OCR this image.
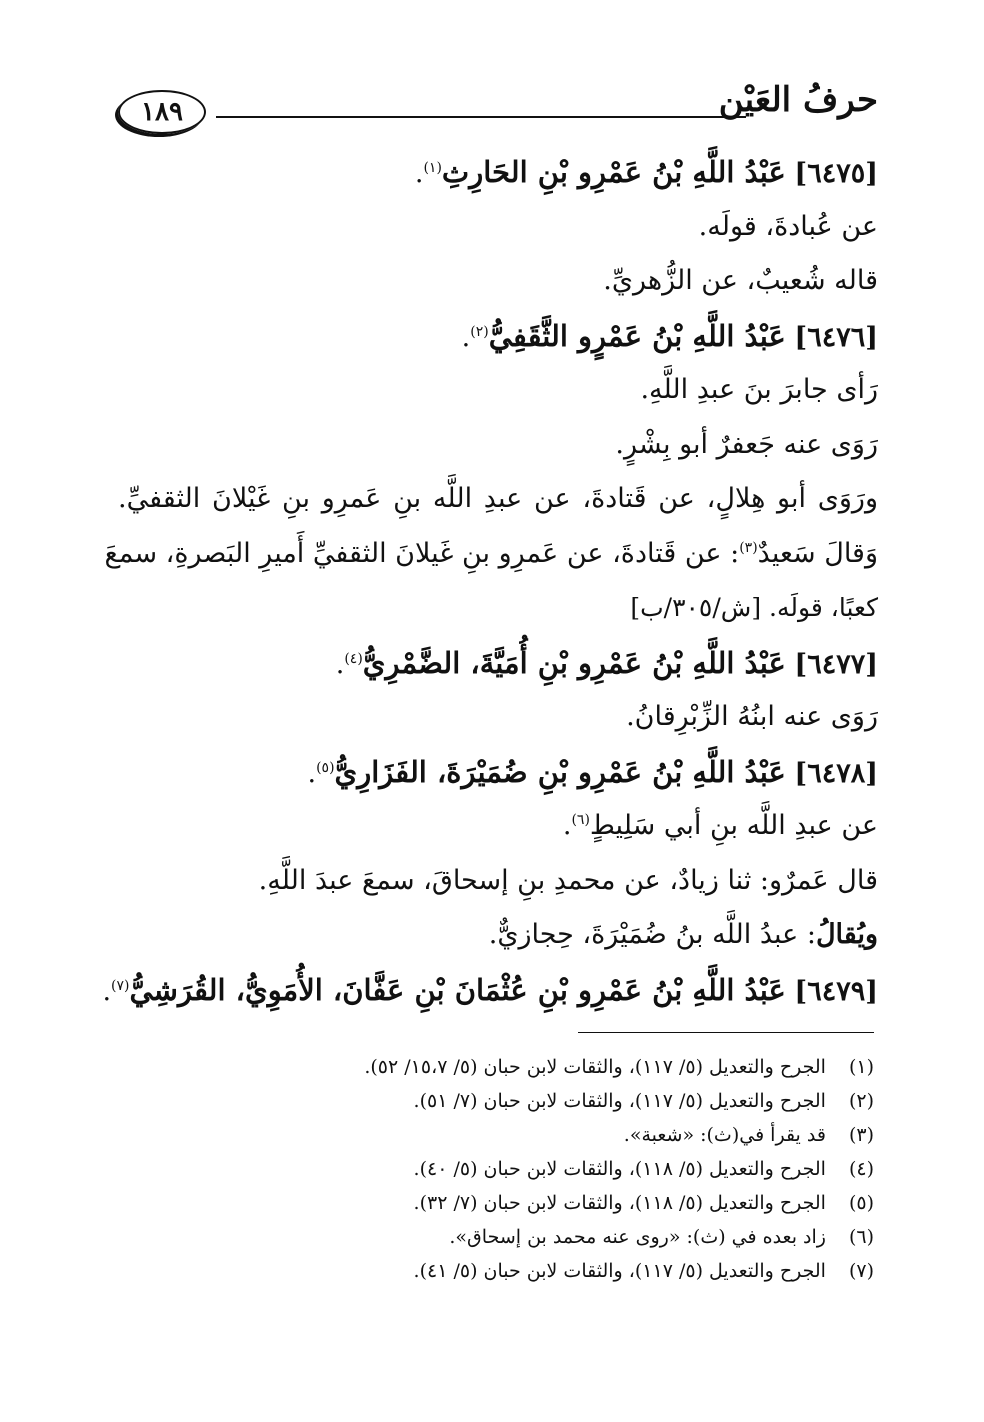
حرفُ العَيْن
١٨٩
[٦٤٧٥] عَبْدُ اللَّهِ بْنُ عَمْرِو بْنِ الحَارِثِ$^{(١)}$.
عن عُبادةَ، قولَه.
قاله شُعيبٌ، عن الزُّهريِّ.
[٦٤٧٦] عَبْدُ اللَّهِ بْنُ عَمْرٍو الثَّقَفِيُّ$^{(٢)}$.
رَأى جابرَ بنَ عبدِ اللَّهِ.
رَوَى عنه جَعفرٌ أبو بِشْرٍ.
ورَوَى أبو هِلالٍ، عن قَتادةَ، عن عبدِ اللَّه بنِ عَمرِو بنِ غَيْلانَ الثقفيِّ.
وَقالَ سَعيدٌ$^{(٣)}$: عن قَتادةَ، عن عَمرِو بنِ غَيلانَ الثقفيِّ أَميرِ البَصرةِ، سمعَ
كعبًا، قولَه. [ش/٣٠٥/ب]
[٦٤٧٧] عَبْدُ اللَّهِ بْنُ عَمْرِو بْنِ أُمَيَّةَ، الضَّمْرِيُّ$^{(٤)}$.
رَوَى عنه ابنُهُ الزِّبْرِقانُ.
[٦٤٧٨] عَبْدُ اللَّهِ بْنُ عَمْرِو بْنِ ضُمَيْرَةَ، الفَزَارِيُّ$^{(٥)}$.
عن عبدِ اللَّه بنِ أبي سَلِيطٍ$^{(٦)}$.
قال عَمرٌو: ثنا زيادٌ، عن محمدِ بنِ إسحاقَ، سمعَ عبدَ اللَّهِ.
ويُقالُ: عبدُ اللَّه بنُ ضُمَيْرَةَ، حِجازيٌّ.
[٦٤٧٩] عَبْدُ اللَّهِ بْنُ عَمْرِو بْنِ عُثْمَانَ بْنِ عَفَّانَ، الأُمَوِيُّ، القُرَشِيُّ$^{(٧)}$.
(١) الجرح والتعديل (٥/ ١١٧)، والثقات لابن حبان (٥/ ١٥،٧/ ٥٢).
(٢) الجرح والتعديل (٥/ ١١٧)، والثقات لابن حبان (٧/ ٥١).
(٣) قد يقرأ في(ث): «شعبة».
(٤) الجرح والتعديل (٥/ ١١٨)، والثقات لابن حبان (٥/ ٤٠).
(٥) الجرح والتعديل (٥/ ١١٨)، والثقات لابن حبان (٧/ ٣٢).
(٦) زاد بعده في (ث): «روى عنه محمد بن إسحاق».
(٧) الجرح والتعديل (٥/ ١١٧)، والثقات لابن حبان (٥/ ٤١).
